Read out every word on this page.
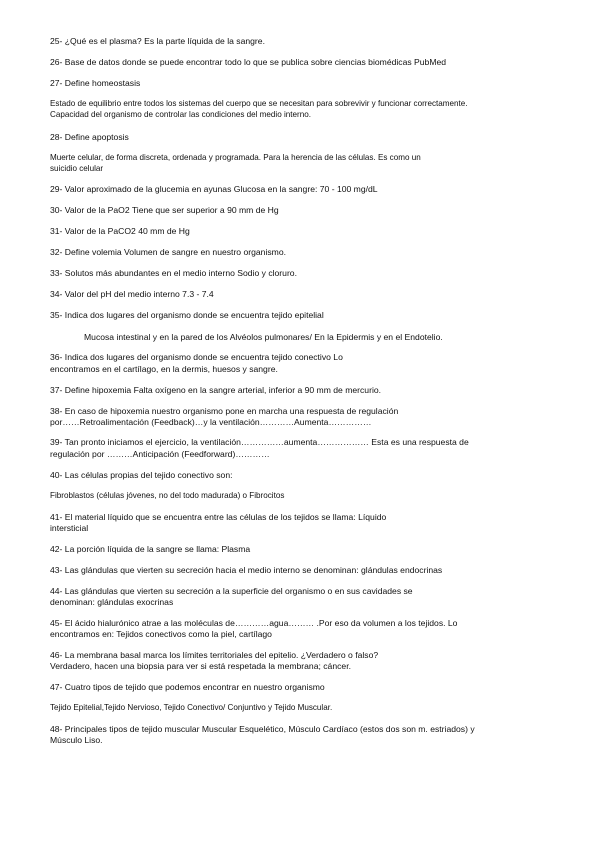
25- ¿Qué es el plasma? Es la parte líquida de la sangre.

26- Base de datos donde se puede encontrar todo lo que se publica sobre ciencias biomédicas PubMed

27- Define homeostasis

Estado de equilibrio entre todos los sistemas del cuerpo que se necesitan para sobrevivir y funcionar correctamente.

Capacidad del organismo de controlar las condiciones del medio interno.

28- Define apoptosis

Muerte celular, de forma discreta, ordenada y programada. Para la herencia de las células. Es como un

suicidio celular

29- Valor aproximado de la glucemia en ayunas Glucosa en la sangre: 70 - 100 mg/dL

30- Valor de la PaO2 Tiene que ser superior a 90 mm de Hg

31- Valor de la PaCO2 40 mm de Hg

32- Define volemia Volumen de sangre en nuestro organismo.

33- Solutos más abundantes en el medio interno Sodio y cloruro.

34- Valor del pH del medio interno 7.3 - 7.4

35- Indica dos lugares del organismo donde se encuentra tejido epitelial

Mucosa intestinal y en la pared de los Alvéolos pulmonares/ En la Epidermis y en el Endotelio.

36- Indica dos lugares del organismo donde se encuentra tejido conectivo Lo

encontramos en el cartílago, en la dermis, huesos y sangre.

37- Define hipoxemia Falta oxígeno en la sangre arterial, inferior a 90 mm de mercurio.

38- En caso de hipoxemia nuestro organismo pone en marcha una respuesta de regulación

por……Retroalimentación (Feedback)…y la ventilación…………Aumenta……………

39- Tan pronto iniciamos el ejercicio, la ventilación……………aumenta……………… Esta es una respuesta de

regulación por ………Anticipación (Feedforward)…………

40- Las células propias del tejido conectivo son:

Fibroblastos (células jóvenes, no del todo madurada) o Fibrocitos

41- El material líquido que se encuentra entre las células de los tejidos se llama: Líquido

intersticial

42- La porción líquida de la sangre se llama: Plasma

43- Las glándulas que vierten su secreción hacia el medio interno se denominan: glándulas endocrinas

44- Las glándulas que vierten su secreción a la superficie del organismo o en sus cavidades se

denominan: glándulas exocrinas

45- El ácido hialurónico atrae a las moléculas de…………agua……… .Por eso da volumen a los tejidos. Lo

encontramos en: Tejidos conectivos como la piel, cartílago

46- La membrana basal marca los límites territoriales del epitelio. ¿Verdadero o falso?

Verdadero, hacen una biopsia para ver si está respetada la membrana; cáncer.

47- Cuatro tipos de tejido que podemos encontrar en nuestro organismo

Tejido Epitelial,Tejido Nervioso, Tejido Conectivo/ Conjuntivo y Tejido Muscular.

48- Principales tipos de tejido muscular Muscular Esquelético, Músculo Cardíaco (estos dos son m. estriados) y

Músculo Liso.
